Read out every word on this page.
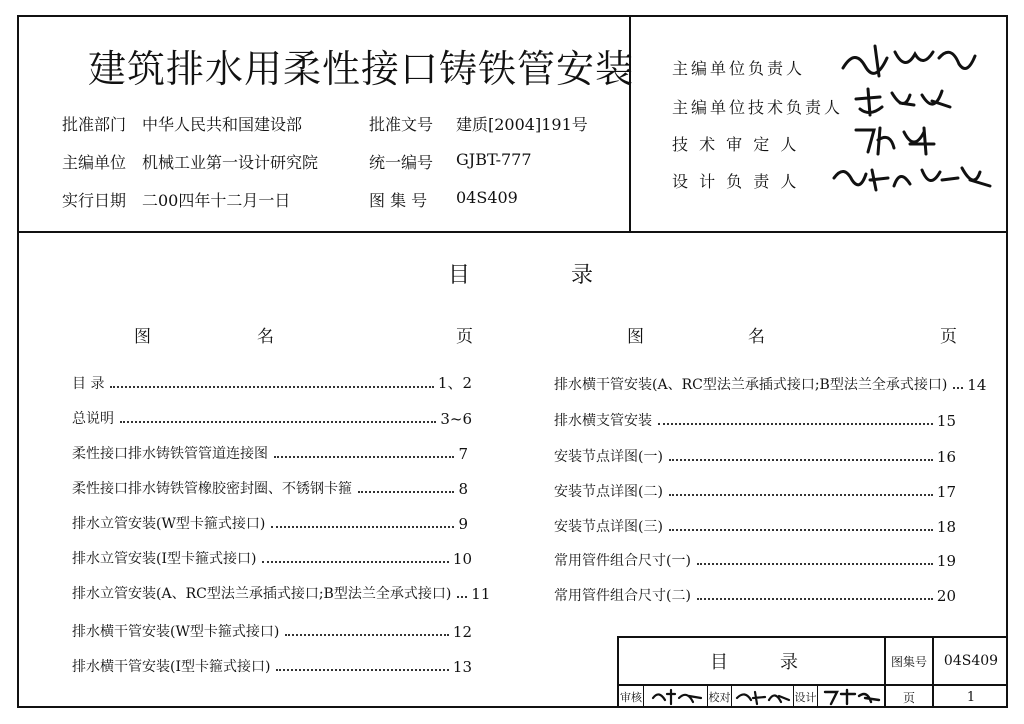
建筑排水用柔性接口铸铁管安装
批准部门 中华人民共和国建设部
主编单位 机械工业第一设计研究院
实行日期 二00四年十二月一日
批准文号 建质[2004]191号
统一编号 GJBT-777
图 集 号 04S409
主编单位负责人
主编单位技术负责人
技 术 审 定 人
设 计 负 责 人
目	录
图	名	页	图	名	页
目 录	1、2
总说明	3~6
柔性接口排水铸铁管管道连接图	7
柔性接口排水铸铁管橡胶密封圈、不锈钢卡箍	8
排水立管安装(W型卡箍式接口)	9
排水立管安装(I型卡箍式接口)	10
排水立管安装(A、RC型法兰承插式接口;B型法兰全承式接口) 11
排水横干管安装(W型卡箍式接口)	12
排水横干管安装(I型卡箍式接口)	13
排水横干管安装(A、RC型法兰承插式接口;B型法兰全承式接口) 14
排水横支管安装	15
安装节点详图(一)	16
安装节点详图(二)	17
安装节点详图(三)	18
常用管件组合尺寸(一)	19
常用管件组合尺寸(二)	20
目	录	图集号	04S409
审核	校对	设计	页	1
